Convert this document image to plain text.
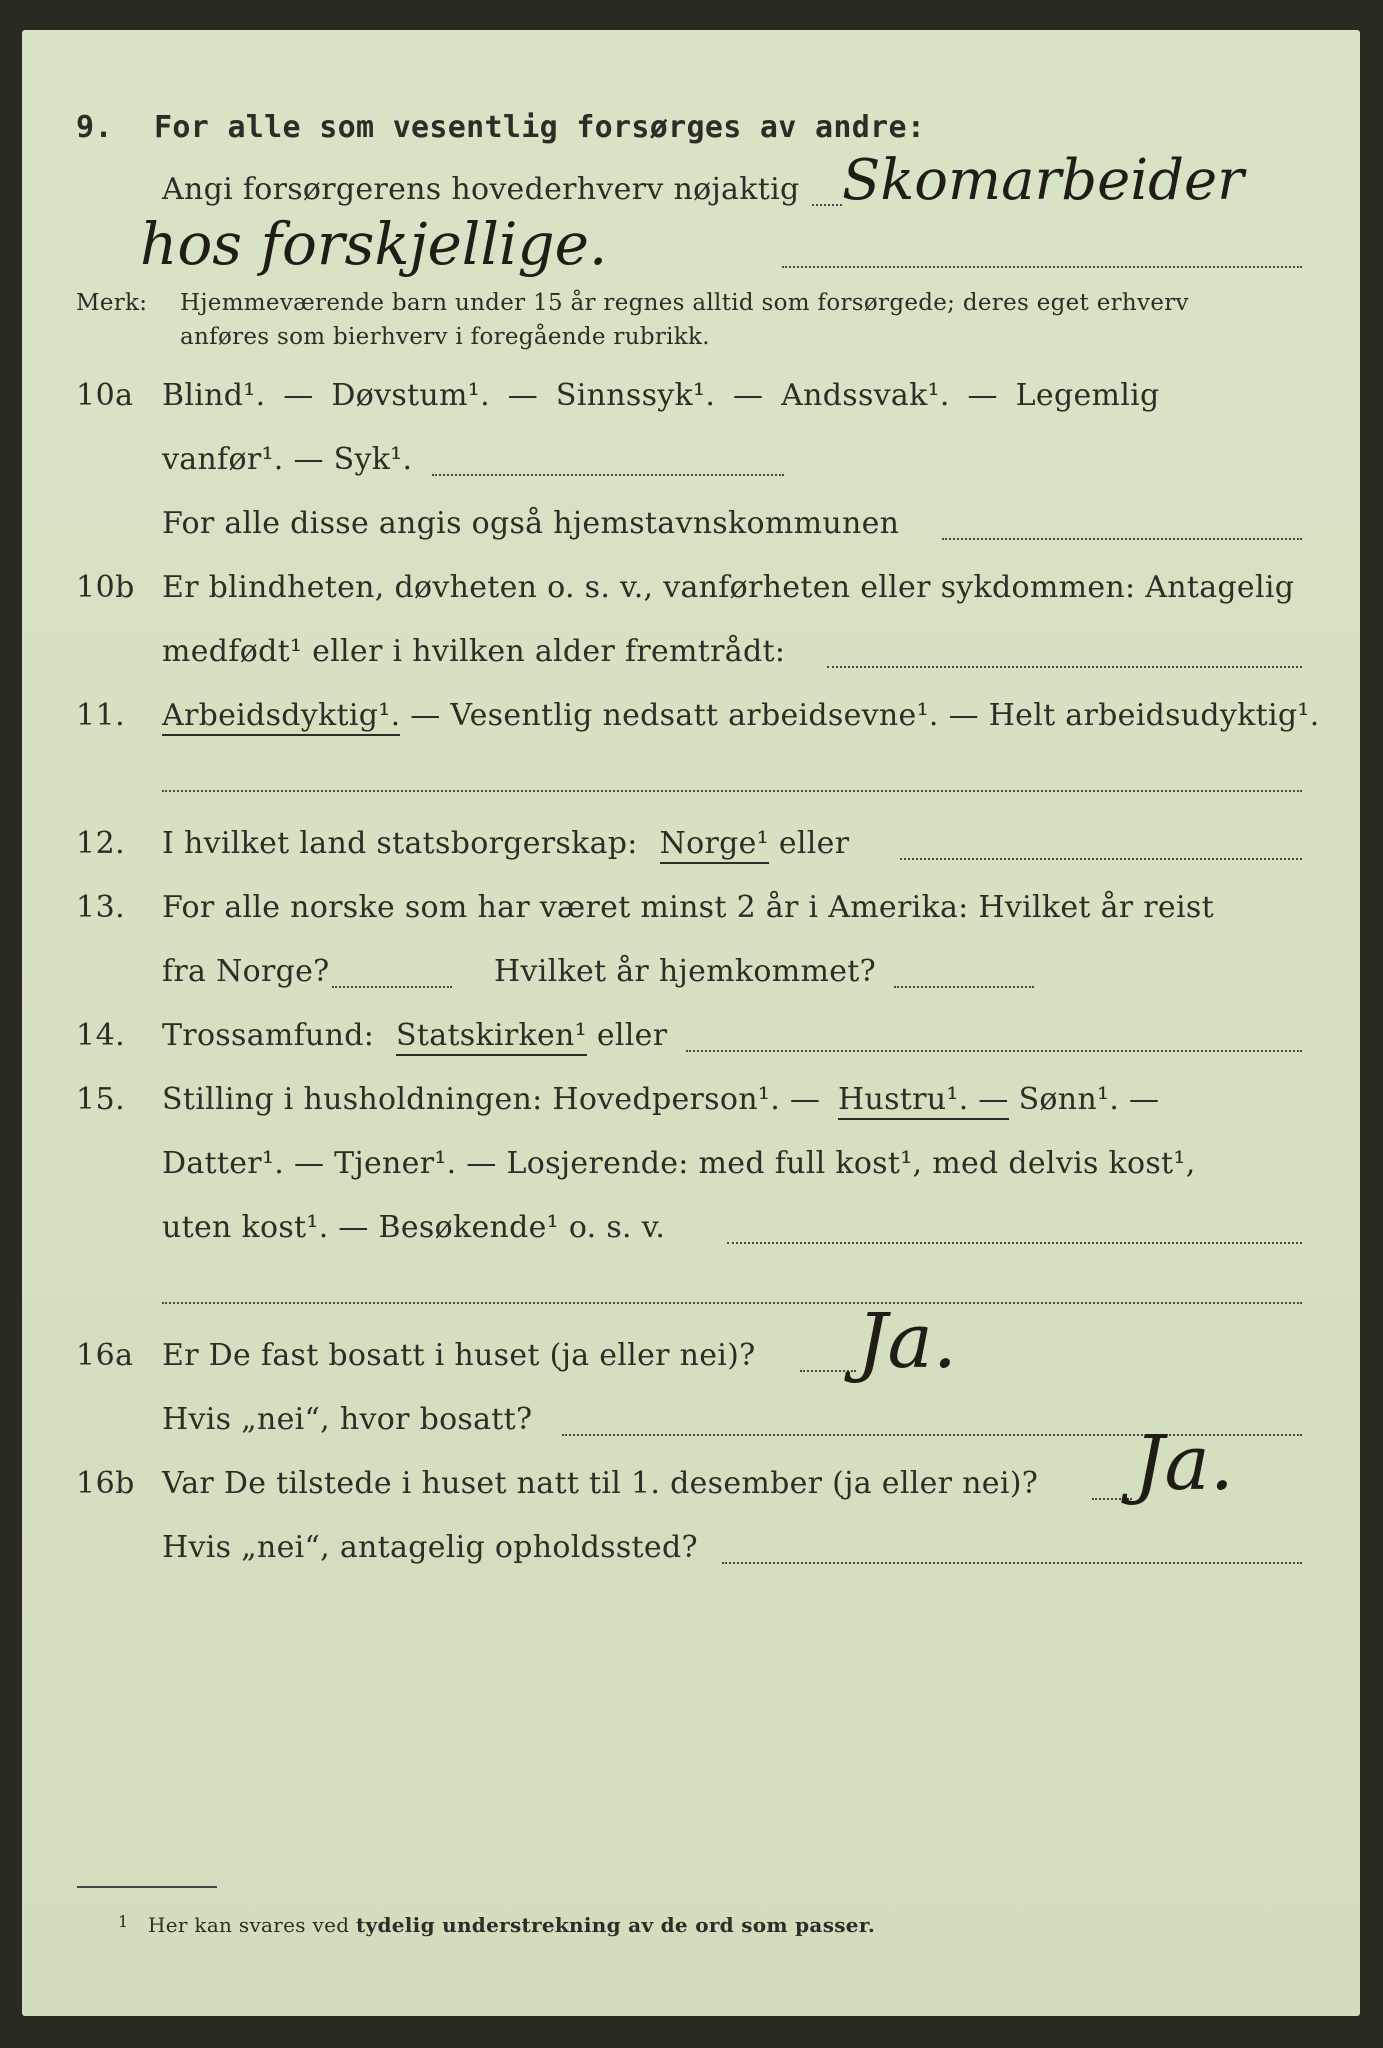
9. For alle som vesentlig forsørges av andre:
Angi forsørgerens hovederhverv nøjaktig Skomarbeider
hos forskjellige.
Merk: Hjemmeværende barn under 15 år regnes alltid som forsørgede; deres eget erhverv
anføres som bierhverv i foregående rubrikk.
10a Blind¹. — Døvstum¹. — Sinnssyk¹. — Andssvak¹. — Legemlig
vanfør¹. — Syk¹.
For alle disse angis også hjemstavnskommunen
10b Er blindheten, døvheten o. s. v., vanførheten eller sykdommen: Antagelig
medfødt¹ eller i hvilken alder fremtrådt:
11. Arbeidsdyktig¹. — Vesentlig nedsatt arbeidsevne¹. — Helt arbeidsudyktig¹.
12. I hvilket land statsborgerskap: Norge¹ eller
13. For alle norske som har været minst 2 år i Amerika: Hvilket år reist
fra Norge?	Hvilket år hjemkommet?
14. Trossamfund: Statskirken¹ eller
15. Stilling i husholdningen: Hovedperson¹. — Hustru¹. — Sønn¹. —
Datter¹. — Tjener¹. — Losjerende: med full kost¹, med delvis kost¹,
uten kost¹. — Besøkende¹ o. s. v.
16a Er De fast bosatt i huset (ja eller nei)? Ja.
Hvis „nei“, hvor bosatt?
16b Var De tilstede i huset natt til 1. desember (ja eller nei)? Ja.
Hvis „nei“, antagelig opholdssted?
1 Her kan svares ved tydelig understrekning av de ord som passer.
